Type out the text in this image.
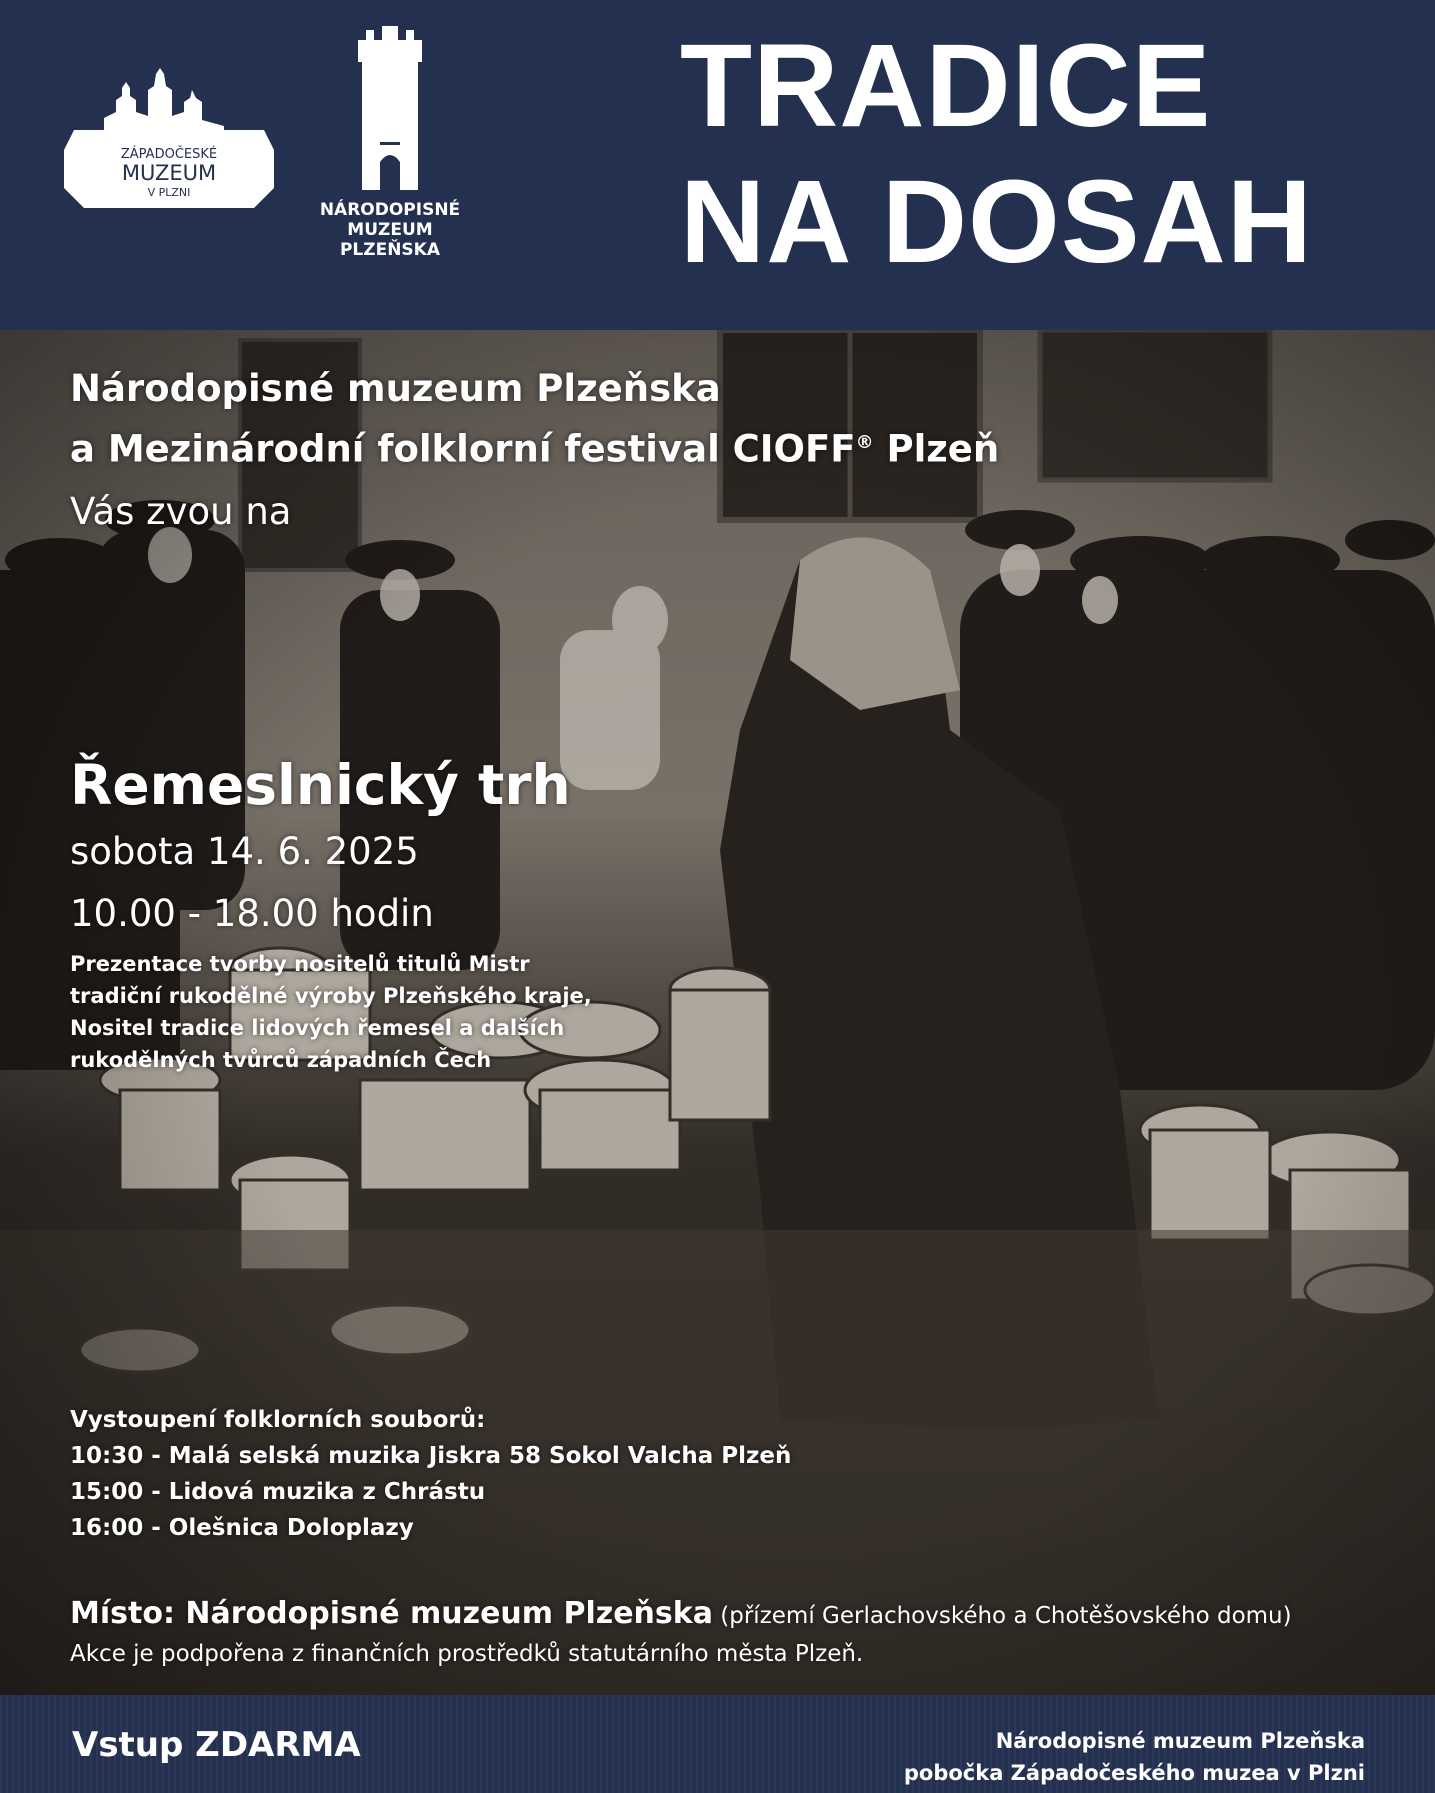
ZÁPADOČESKÉ
MUZEUM
V PLZNI
NÁRODOPISNÉ
MUZEUM
PLZEŇSKA
TRADICE
NA DOSAH
Národopisné muzeum Plzeňska
a Mezinárodní folklorní festival CIOFF® Plzeň
Vás zvou na
Řemeslnický trh
sobota 14. 6. 2025
10.00 - 18.00 hodin
Prezentace tvorby nositelů titulů Mistr
tradiční rukodělné výroby Plzeňského kraje,
Nositel tradice lidových řemesel a dalších
rukodělných tvůrců západních Čech
Vystoupení folklorních souborů:
10:30 - Malá selská muzika Jiskra 58 Sokol Valcha Plzeň
15:00 - Lidová muzika z Chrástu
16:00 - Olešnica Doloplazy
Místo: Národopisné muzeum Plzeňska (přízemí Gerlachovského a Chotěšovského domu)
Akce je podpořena z finančních prostředků statutárního města Plzeň.
Vstup ZDARMA	Národopisné muzeum Plzeňska
pobočka Západočeského muzea v Plzni
